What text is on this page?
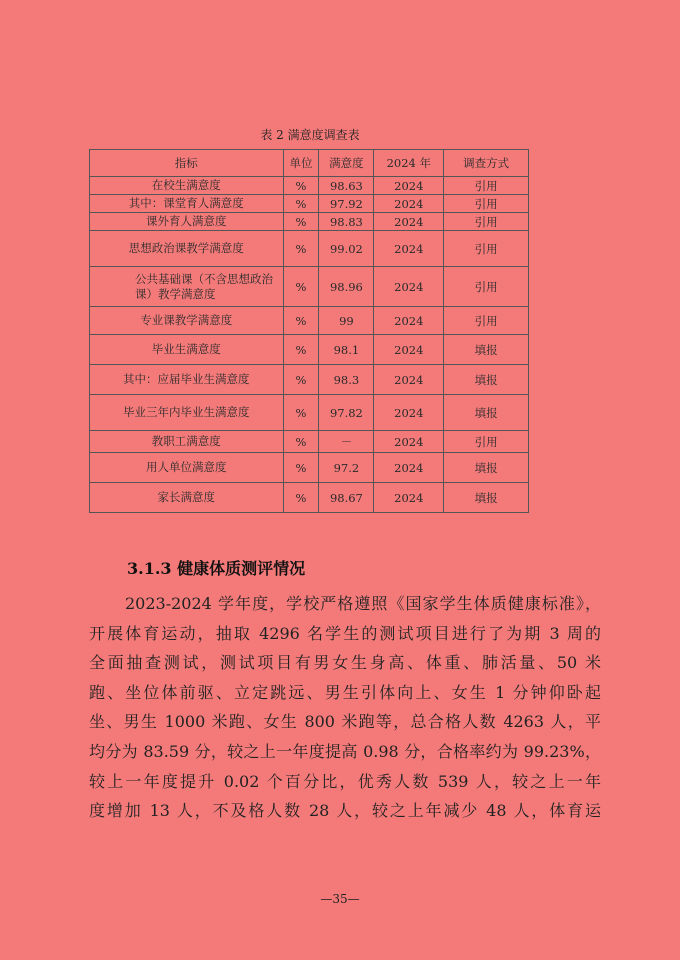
表 2 满意度调查表
指标	单位	满意度	2024 年	调查方式
在校生满意度	%	98.63	2024	引用
其中：课堂育人满意度	%	97.92	2024	引用
课外育人满意度	%	98.83	2024	引用
思想政治课教学满意度	%	99.02	2024	引用
公共基础课（不含思想政治课）教学满意度	%	98.96	2024	引用
专业课教学满意度	%	99	2024	引用
毕业生满意度	%	98.1	2024	填报
其中：应届毕业生满意度	%	98.3	2024	填报
毕业三年内毕业生满意度	%	97.82	2024	填报
教职工满意度	%	－	2024	引用
用人单位满意度	%	97.2	2024	填报
家长满意度	%	98.67	2024	填报
3.1.3 健康体质测评情况

2023-2024 学年度，学校严格遵照《国家学生体质健康标准》，
开展体育运动，抽取 4296 名学生的测试项目进行了为期 3 周的
全面抽查测试，测试项目有男女生身高、体重、肺活量、50 米
跑、坐位体前驱、立定跳远、男生引体向上、女生 1 分钟仰卧起
坐、男生 1000 米跑、女生 800 米跑等，总合格人数 4263 人，平
均分为 83.59 分，较之上一年度提高 0.98 分，合格率约为 99.23%，
较上一年度提升 0.02 个百分比，优秀人数 539 人，较之上一年
度增加 13 人，不及格人数 28 人，较之上年减少 48 人，体育运

—35—
